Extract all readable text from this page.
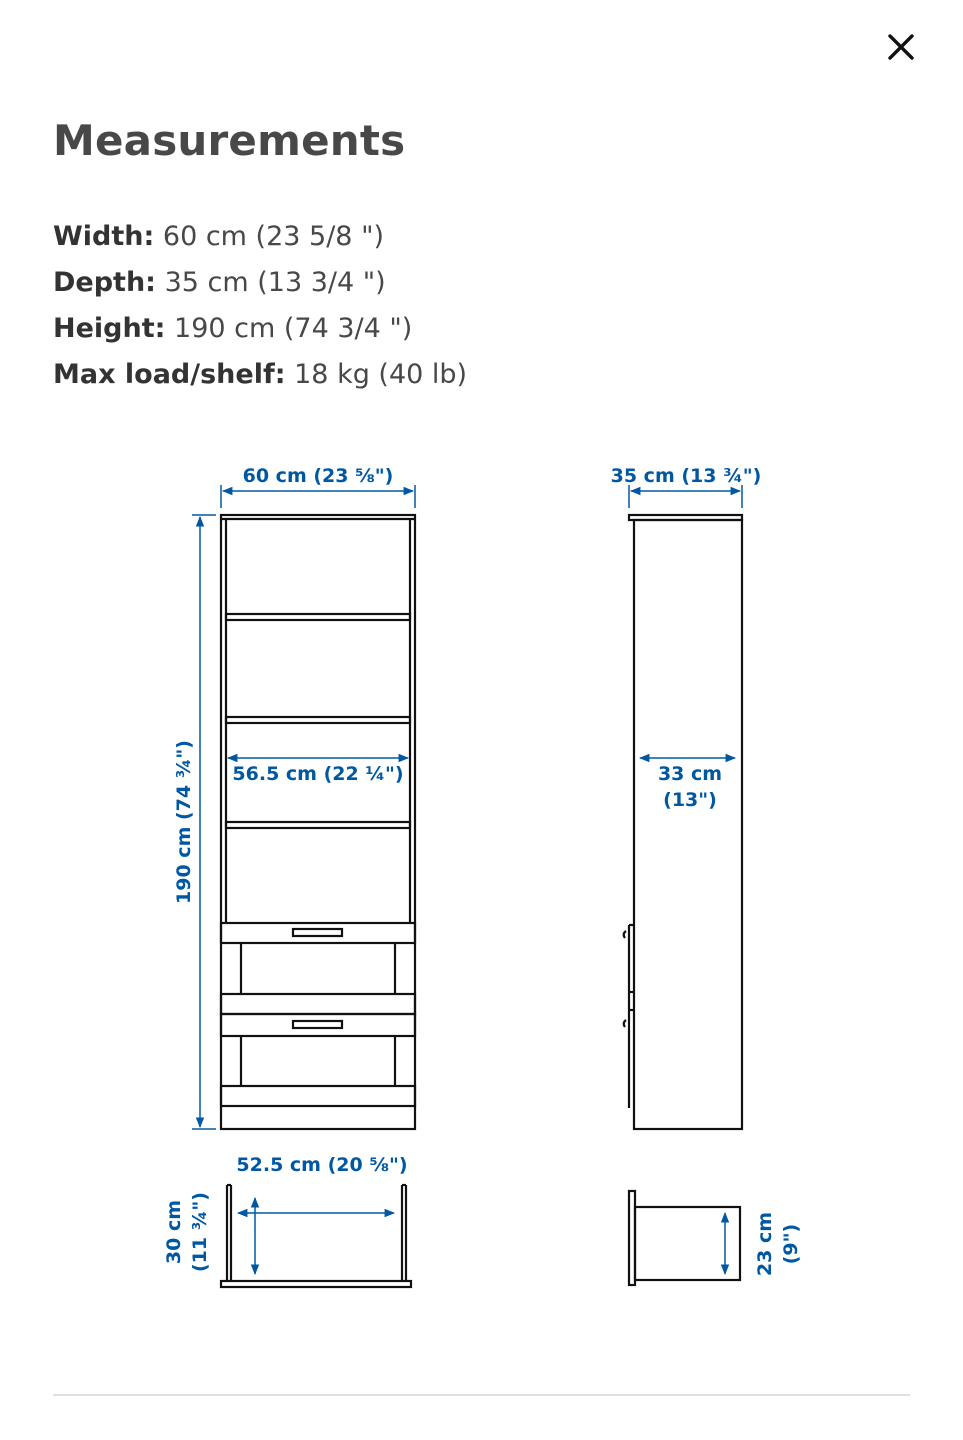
Measurements
Width: 60 cm (23 5/8 ")
Depth: 35 cm (13 3/4 ")
Height: 190 cm (74 3/4 ")
Max load/shelf: 18 kg (40 lb)
60 cm (23 ⅝")
56.5 cm (22 ¼")
190 cm (74 ¾")
35 cm (13 ¾")
33 cm
(13")
52.5 cm (20 ⅝")
30 cm (11 ¾")	23 cm (9")
